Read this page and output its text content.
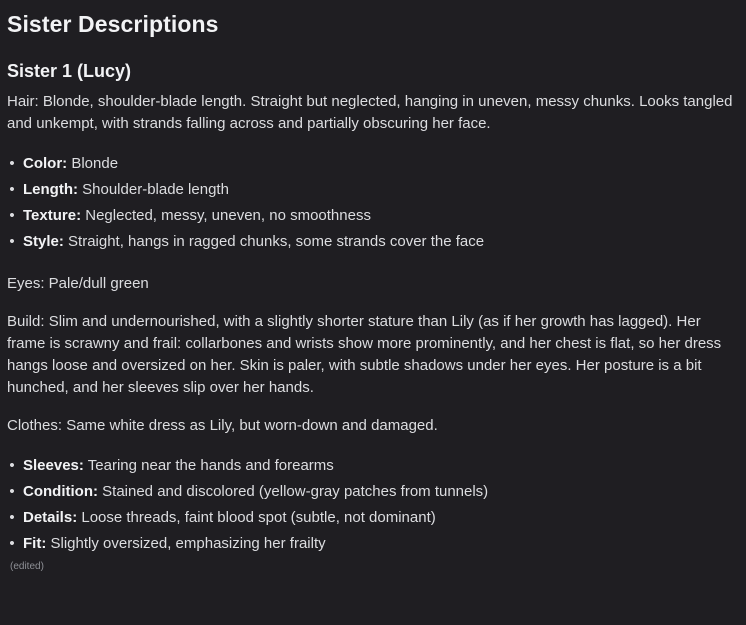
Sister Descriptions
Sister 1 (Lucy)

Hair: Blonde, shoulder-blade length. Straight but neglected, hanging in uneven, messy chunks. Looks tangled and unkempt, with strands falling across and partially obscuring her face.

• Color: Blonde
• Length: Shoulder-blade length
• Texture: Neglected, messy, uneven, no smoothness
• Style: Straight, hangs in ragged chunks, some strands cover the face

Eyes: Pale/dull green

Build: Slim and undernourished, with a slightly shorter stature than Lily (as if her growth has lagged). Her frame is scrawny and frail: collarbones and wrists show more prominently, and her chest is flat, so her dress hangs loose and oversized on her. Skin is paler, with subtle shadows under her eyes. Her posture is a bit hunched, and her sleeves slip over her hands.

Clothes: Same white dress as Lily, but worn-down and damaged.

• Sleeves: Tearing near the hands and forearms
• Condition: Stained and discolored (yellow-gray patches from tunnels)
• Details: Loose threads, faint blood spot (subtle, not dominant)
• Fit: Slightly oversized, emphasizing her frailty
(edited)
